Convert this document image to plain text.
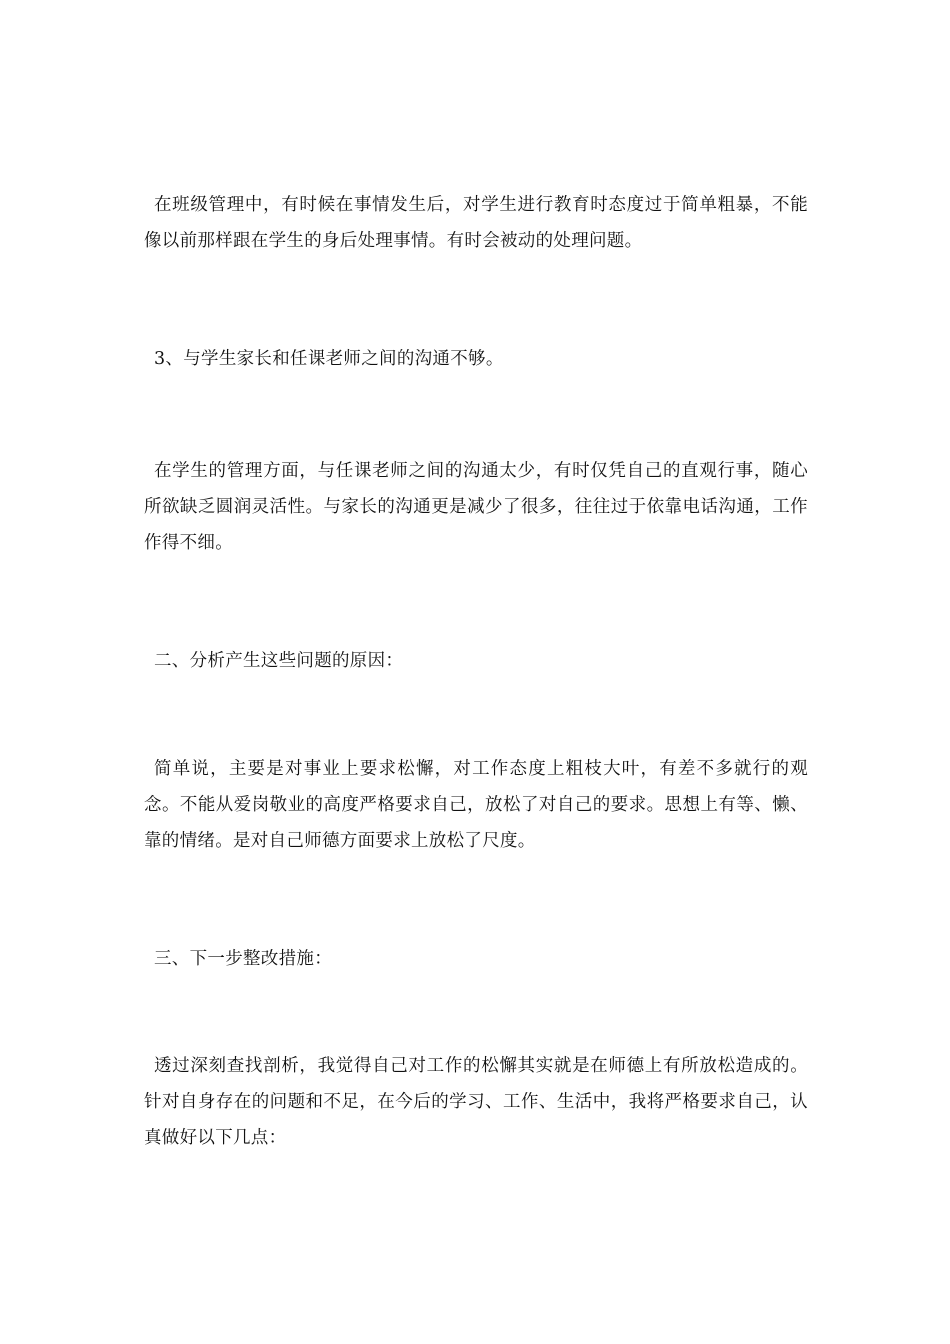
在班级管理中，有时候在事情发生后，对学生进行教育时态度过于简单粗暴，不能像以前那样跟在学生的身后处理事情。有时会被动的处理问题。

3、与学生家长和任课老师之间的沟通不够。

在学生的管理方面，与任课老师之间的沟通太少，有时仅凭自己的直观行事，随心所欲缺乏圆润灵活性。与家长的沟通更是减少了很多，往往过于依靠电话沟通，工作作得不细。

二、分析产生这些问题的原因：

简单说，主要是对事业上要求松懈，对工作态度上粗枝大叶，有差不多就行的观念。不能从爱岗敬业的高度严格要求自己，放松了对自己的要求。思想上有等、懒、靠的情绪。是对自己师德方面要求上放松了尺度。

三、下一步整改措施：

透过深刻查找剖析，我觉得自己对工作的松懈其实就是在师德上有所放松造成的。针对自身存在的问题和不足，在今后的学习、工作、生活中，我将严格要求自己，认真做好以下几点：
